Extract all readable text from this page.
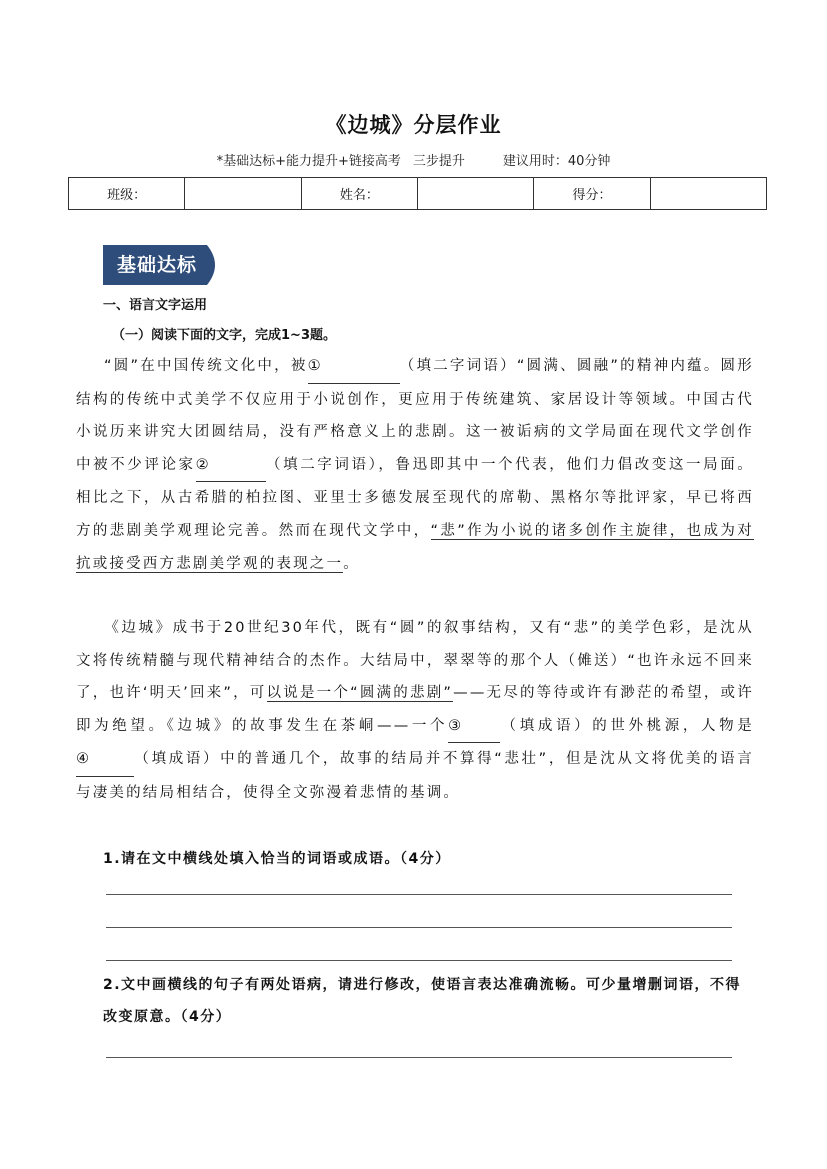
《边城》分层作业
*基础达标+能力提升+链接高考 三步提升	建议用时：40分钟
班级：		姓名：		得分：	
基础达标
一、语言文字运用
（一）阅读下面的文字，完成1~3题。
“圆”在中国传统文化中，被①	（填二字词语）“圆满、圆融”的精神内蕴。圆形结构的传统中式美学不仅应用于小说创作，更应用于传统建筑、家居设计等领域。中国古代小说历来讲究大团圆结局，没有严格意义上的悲剧。这一被诟病的文学局面在现代文学创作中被不少评论家②	（填二字词语），鲁迅即其中一个代表，他们力倡改变这一局面。相比之下，从古希腊的柏拉图、亚里士多德发展至现代的席勒、黑格尔等批评家，早已将西方的悲剧美学观理论完善。然而在现代文学中，“悲”作为小说的诸多创作主旋律，也成为对抗或接受西方悲剧美学观的表现之一。
《边城》成书于20世纪30年代，既有“圆”的叙事结构，又有“悲”的美学色彩，是沈从文将传统精髓与现代精神结合的杰作。大结局中，翠翠等的那个人（傩送）“也许永远不回来了，也许‘明天’回来”，可以说是一个“圆满的悲剧”——无尽的等待或许有渺茫的希望，或许即为绝望。《边城》的故事发生在茶峒——一个③	（填成语）的世外桃源，人物是④	（填成语）中的普通几个，故事的结局并不算得“悲壮”，但是沈从文将优美的语言与凄美的结局相结合，使得全文弥漫着悲情的基调。
1.请在文中横线处填入恰当的词语或成语。（4分）
2.文中画横线的句子有两处语病，请进行修改，使语言表达准确流畅。可少量增删词语，不得改变原意。（4分）
